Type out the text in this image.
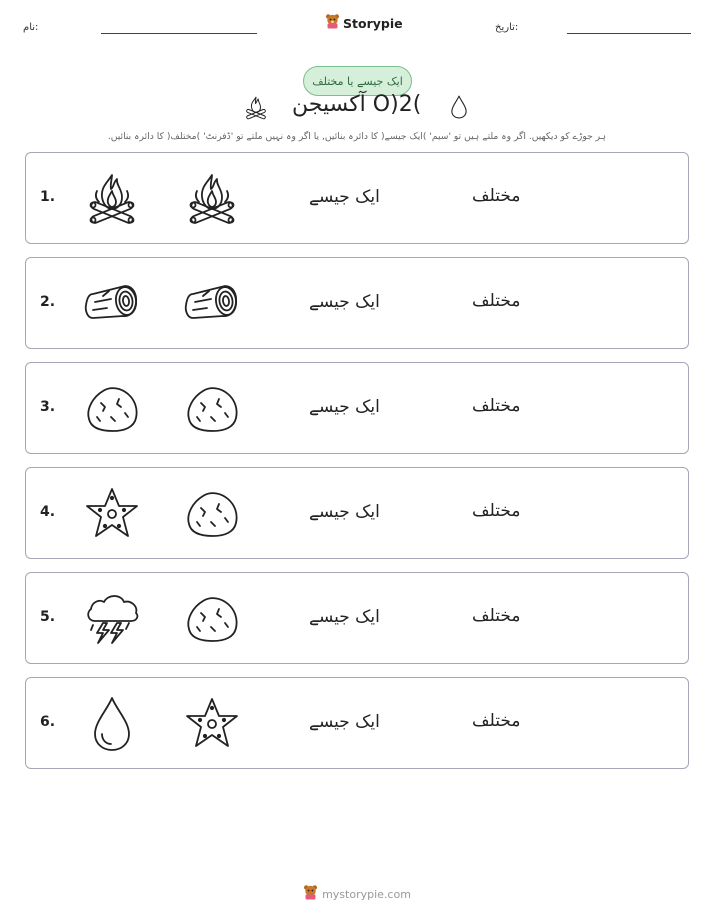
نام:	Storypie	تاریخ:
ایک جیسے یا مختلف
آکسیجن O)2(
ہر جوڑے کو دیکھیں. اگر وہ ملتے ہیں تو 'سیم' )ایک جیسے( کا دائرہ بنائیں, یا اگر وہ نہیں ملتے تو 'ڈفرنٹ' )مختلف( کا دائرہ بنائیں.
1.	ایک جیسے	مختلف
2.	ایک جیسے	مختلف
3.	ایک جیسے	مختلف
4.	ایک جیسے	مختلف
5.	ایک جیسے	مختلف
6.	ایک جیسے	مختلف
mystorypie.com
